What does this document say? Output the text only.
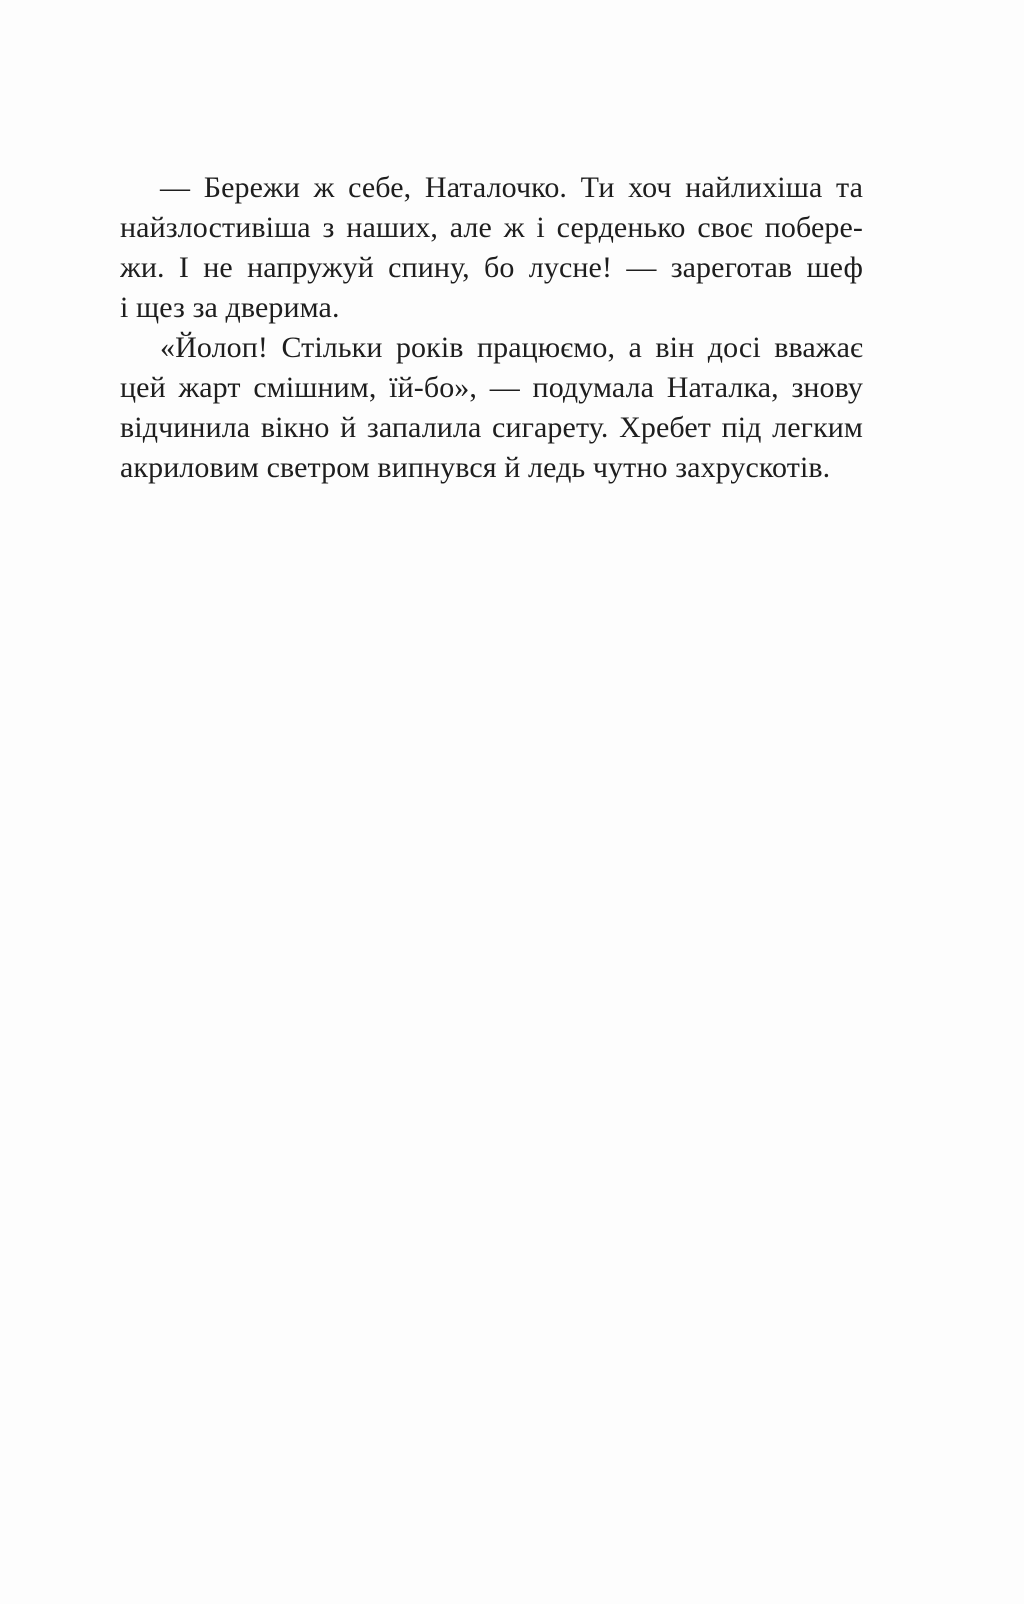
— Бережи ж себе, Наталочко. Ти хоч найлихіша та
найзлостивіша з наших, але ж і серденько своє побере-
жи. І не напружуй спину, бо лусне! — зареготав шеф
і щез за дверима.
«Йолоп! Стільки років працюємо, а він досі вважає
цей жарт смішним, їй-бо», — подумала Наталка, знову
відчинила вікно й запалила сигарету. Хребет під легким
акриловим светром випнувся й ледь чутно захрускотів.
